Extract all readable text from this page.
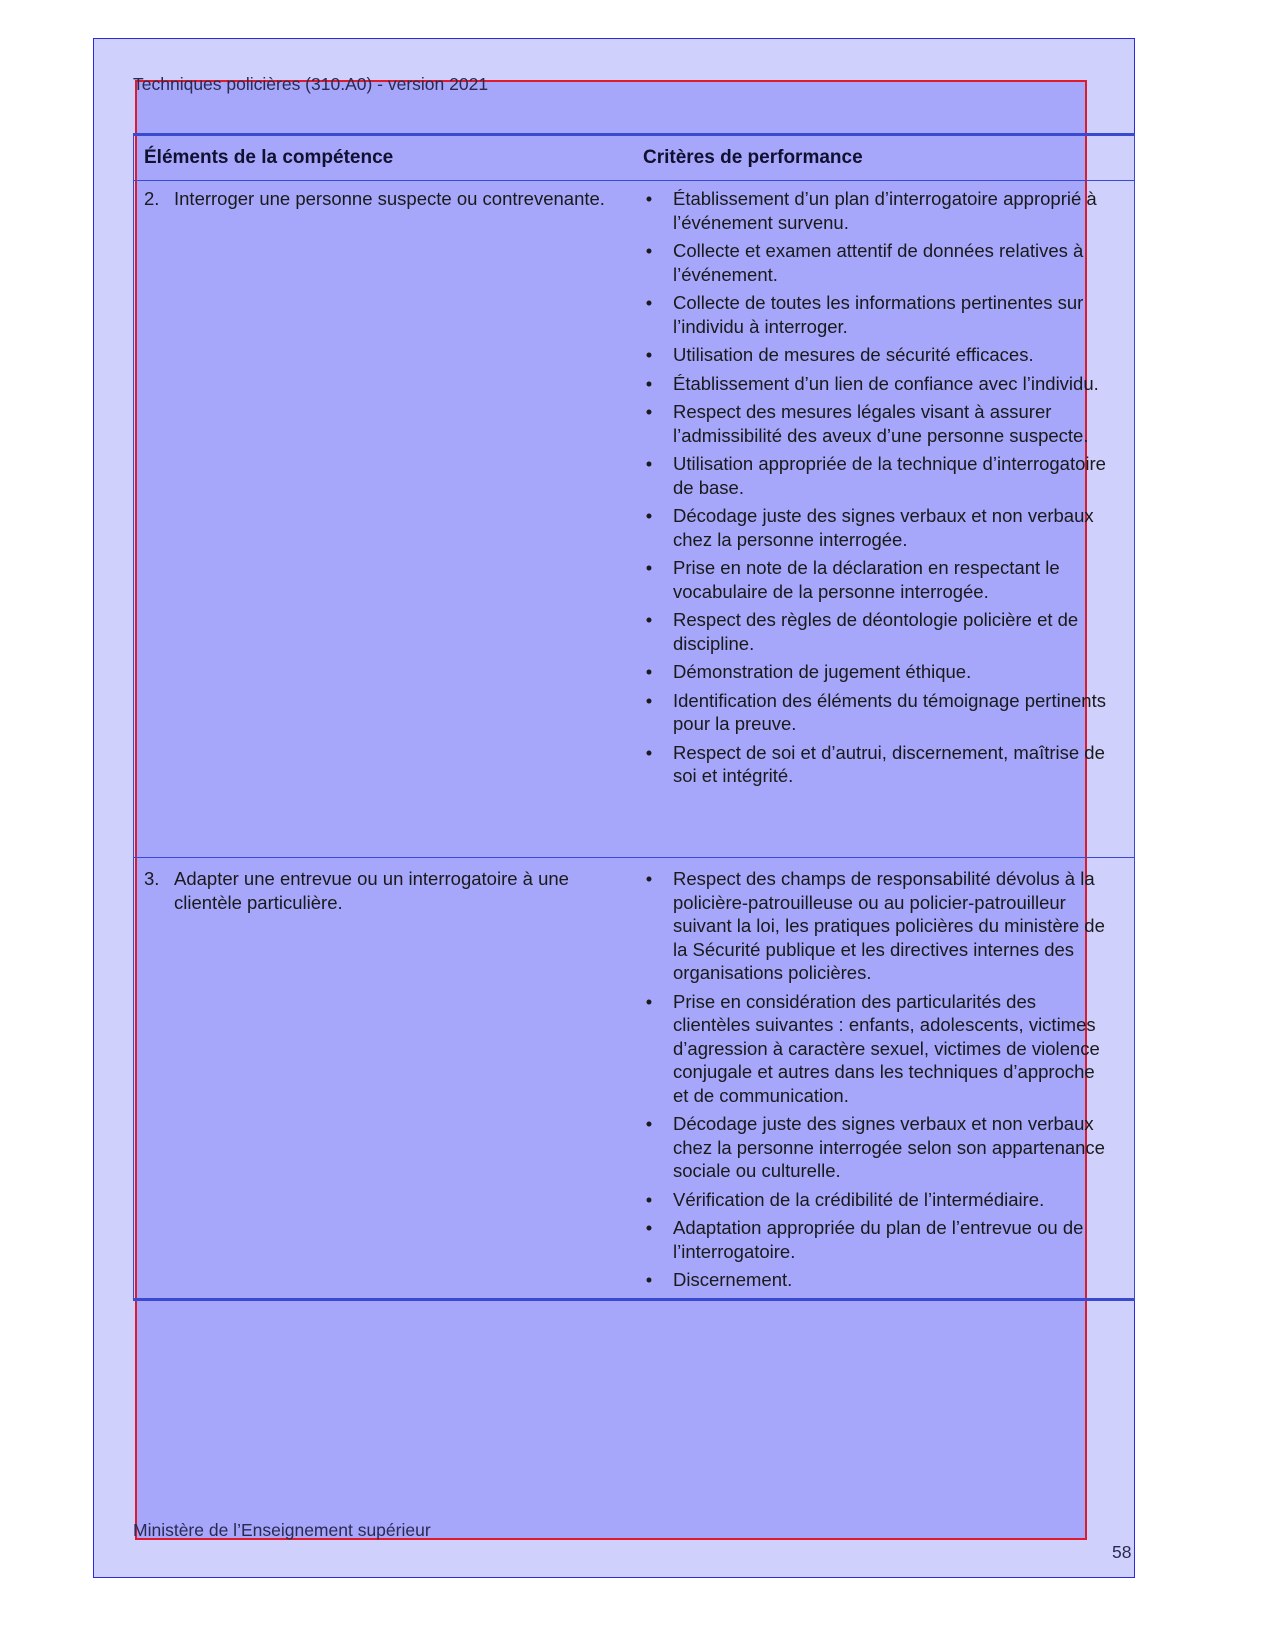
Techniques policières (310.A0) - version 2021
Éléments de la compétence	Critères de performance
2. Interroger une personne suspecte ou contrevenante.	• Établissement d’un plan d’interrogatoire approprié à l’événement survenu.
• Collecte et examen attentif de données relatives à l’événement.
• Collecte de toutes les informations pertinentes sur l’individu à interroger.
• Utilisation de mesures de sécurité efficaces.
• Établissement d’un lien de confiance avec l’individu.
• Respect des mesures légales visant à assurer l’admissibilité des aveux d’une personne suspecte.
• Utilisation appropriée de la technique d’interrogatoire de base.
• Décodage juste des signes verbaux et non verbaux chez la personne interrogée.
• Prise en note de la déclaration en respectant le vocabulaire de la personne interrogée.
• Respect des règles de déontologie policière et de discipline.
• Démonstration de jugement éthique.
• Identification des éléments du témoignage pertinents pour la preuve.
• Respect de soi et d’autrui, discernement, maîtrise de soi et intégrité.
3. Adapter une entrevue ou un interrogatoire à une clientèle particulière.
• Respect des champs de responsabilité dévolus à la policière-patrouilleuse ou au policier-patrouilleur suivant la loi, les pratiques policières du ministère de la Sécurité publique et les directives internes des organisations policières.
• Prise en considération des particularités des clientèles suivantes : enfants, adolescents, victimes d’agression à caractère sexuel, victimes de violence conjugale et autres dans les techniques d’approche et de communication.
• Décodage juste des signes verbaux et non verbaux chez la personne interrogée selon son appartenance sociale ou culturelle.
• Vérification de la crédibilité de l’intermédiaire.
• Adaptation appropriée du plan de l’entrevue ou de l’interrogatoire.
• Discernement.
Ministère de l’Enseignement supérieur
58
